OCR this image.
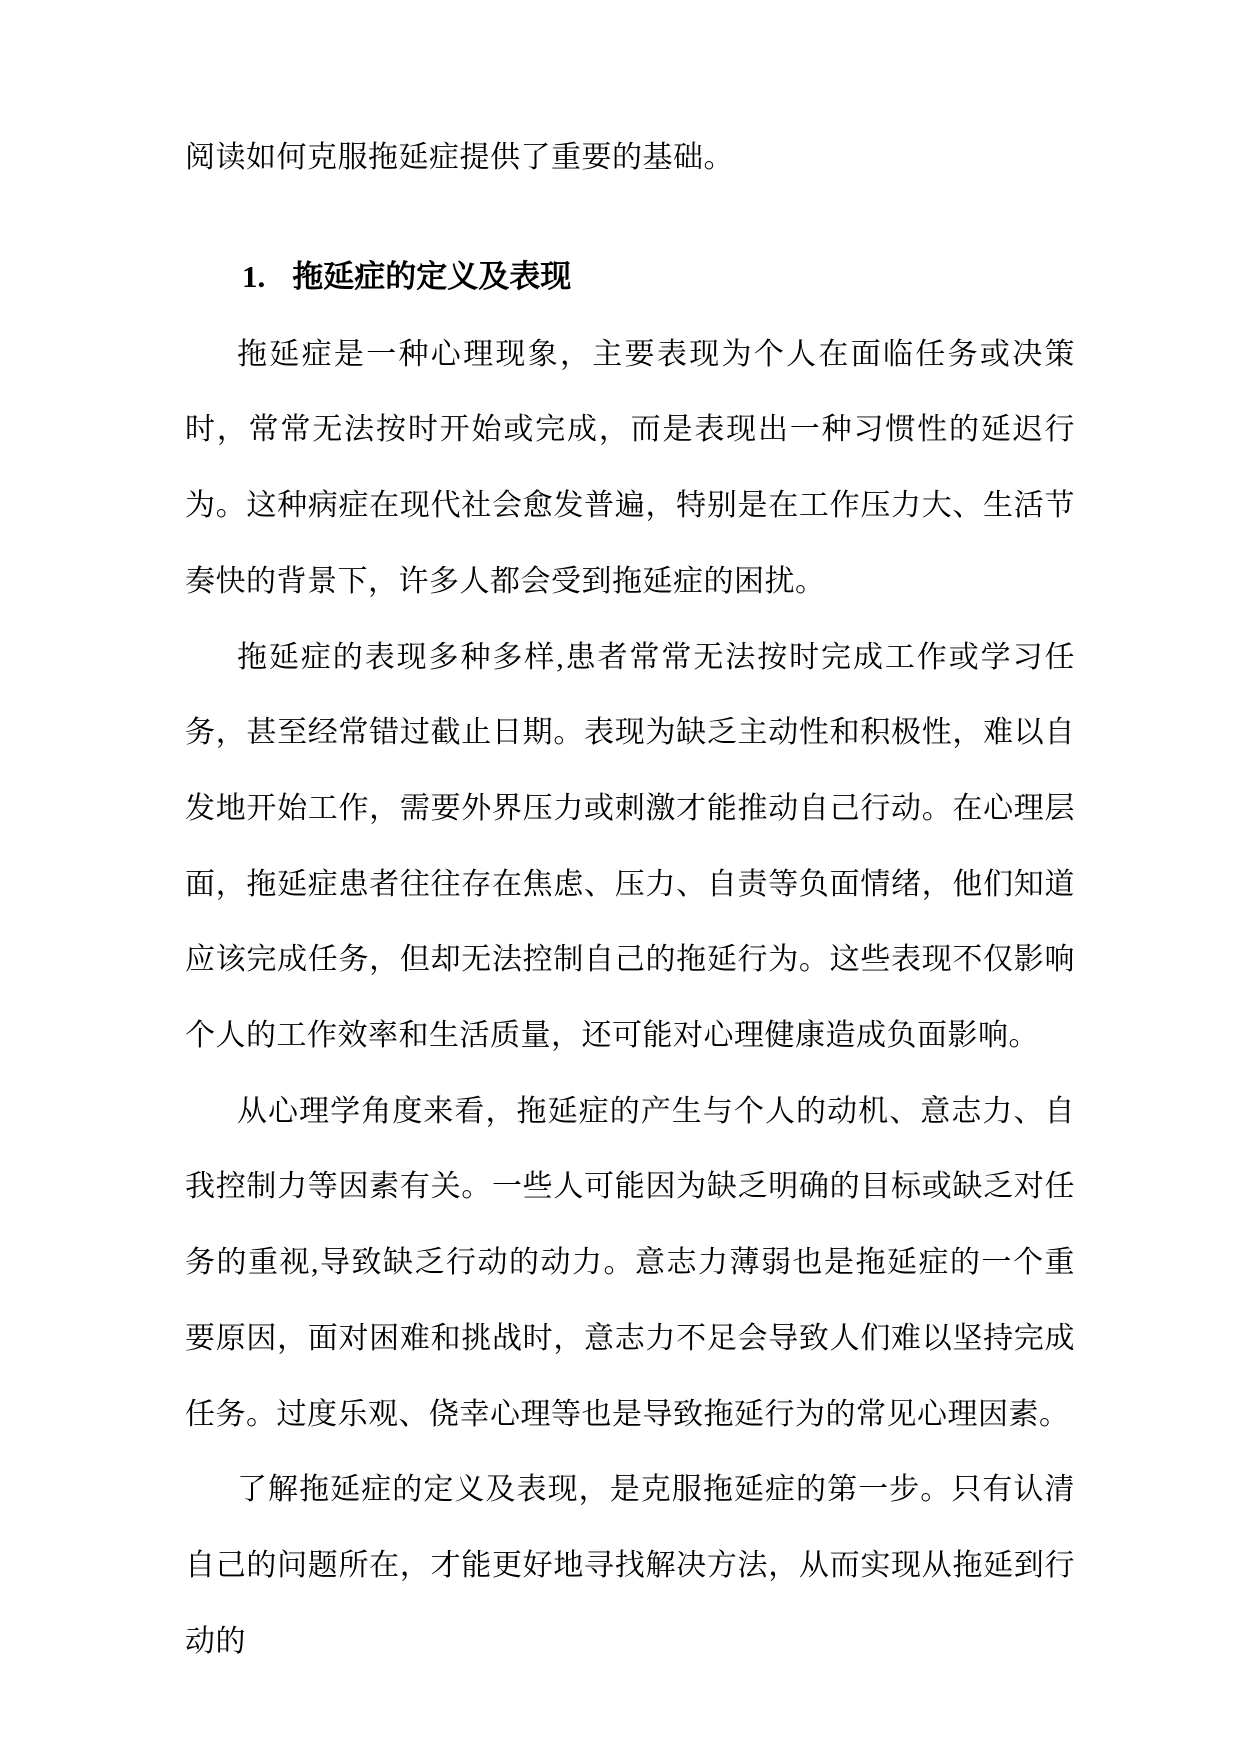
阅读如何克服拖延症提供了重要的基础。

1. 拖延症的定义及表现

拖延症是一种心理现象，主要表现为个人在面临任务或决策时，常常无法按时开始或完成，而是表现出一种习惯性的延迟行为。这种病症在现代社会愈发普遍，特别是在工作压力大、生活节奏快的背景下，许多人都会受到拖延症的困扰。

拖延症的表现多种多样,患者常常无法按时完成工作或学习任务，甚至经常错过截止日期。表现为缺乏主动性和积极性，难以自发地开始工作，需要外界压力或刺激才能推动自己行动。在心理层面，拖延症患者往往存在焦虑、压力、自责等负面情绪，他们知道应该完成任务，但却无法控制自己的拖延行为。这些表现不仅影响个人的工作效率和生活质量，还可能对心理健康造成负面影响。

从心理学角度来看，拖延症的产生与个人的动机、意志力、自我控制力等因素有关。一些人可能因为缺乏明确的目标或缺乏对任务的重视,导致缺乏行动的动力。意志力薄弱也是拖延症的一个重要原因，面对困难和挑战时，意志力不足会导致人们难以坚持完成任务。过度乐观、侥幸心理等也是导致拖延行为的常见心理因素。

了解拖延症的定义及表现，是克服拖延症的第一步。只有认清自己的问题所在，才能更好地寻找解决方法，从而实现从拖延到行动的
